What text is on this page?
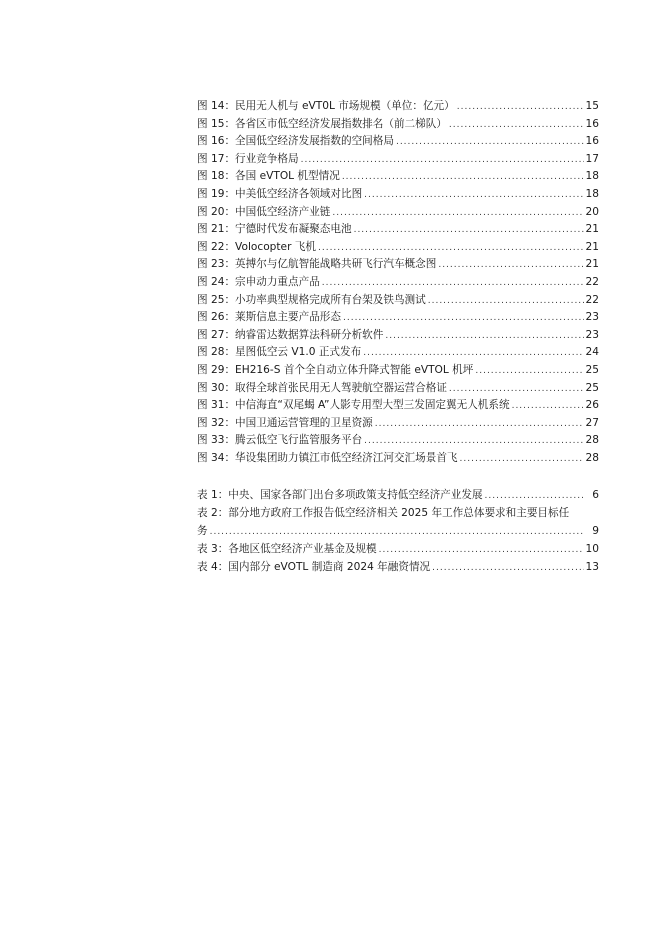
图 14：民用无人机与 eVT0L 市场规模（单位：亿元） .....	15
图 15：各省区市低空经济发展指数排名（前二梯队） .....	16
图 16：全国低空经济发展指数的空间格局 .....	16
图 17：行业竞争格局 .....	17
图 18：各国 eVTOL 机型情况 .....	18
图 19：中美低空经济各领域对比图 .....	18
图 20：中国低空经济产业链 .....	20
图 21：宁德时代发布凝聚态电池 .....	21
图 22：Volocopter 飞机 .....	21
图 23：英搏尔与亿航智能战略共研飞行汽车概念图 .....	21
图 24：宗申动力重点产品 .....	22
图 25：小功率典型规格完成所有台架及铁鸟测试 .....	22
图 26：莱斯信息主要产品形态 .....	23
图 27：纳睿雷达数据算法科研分析软件 .....	23
图 28：星图低空云 V1.0 正式发布 .....	24
图 29：EH216-S 首个全自动立体升降式智能 eVTOL 机坪 .....	25
图 30：取得全球首张民用无人驾驶航空器运营合格证 .....	25
图 31：中信海直“双尾蝎 A”人影专用型大型三发固定翼无人机系统 .....	26
图 32：中国卫通运营管理的卫星资源 .....	27
图 33：腾云低空飞行监管服务平台 .....	28
图 34：华设集团助力镇江市低空经济江河交汇场景首飞 .....	28
表 1：中央、国家各部门出台多项政策支持低空经济产业发展 .....	6
表 2：部分地方政府工作报告低空经济相关 2025 年工作总体要求和主要目标任
务 .....	9
表 3：各地区低空经济产业基金及规模 .....	10
表 4：国内部分 eVOTL 制造商 2024 年融资情况 .....	13
